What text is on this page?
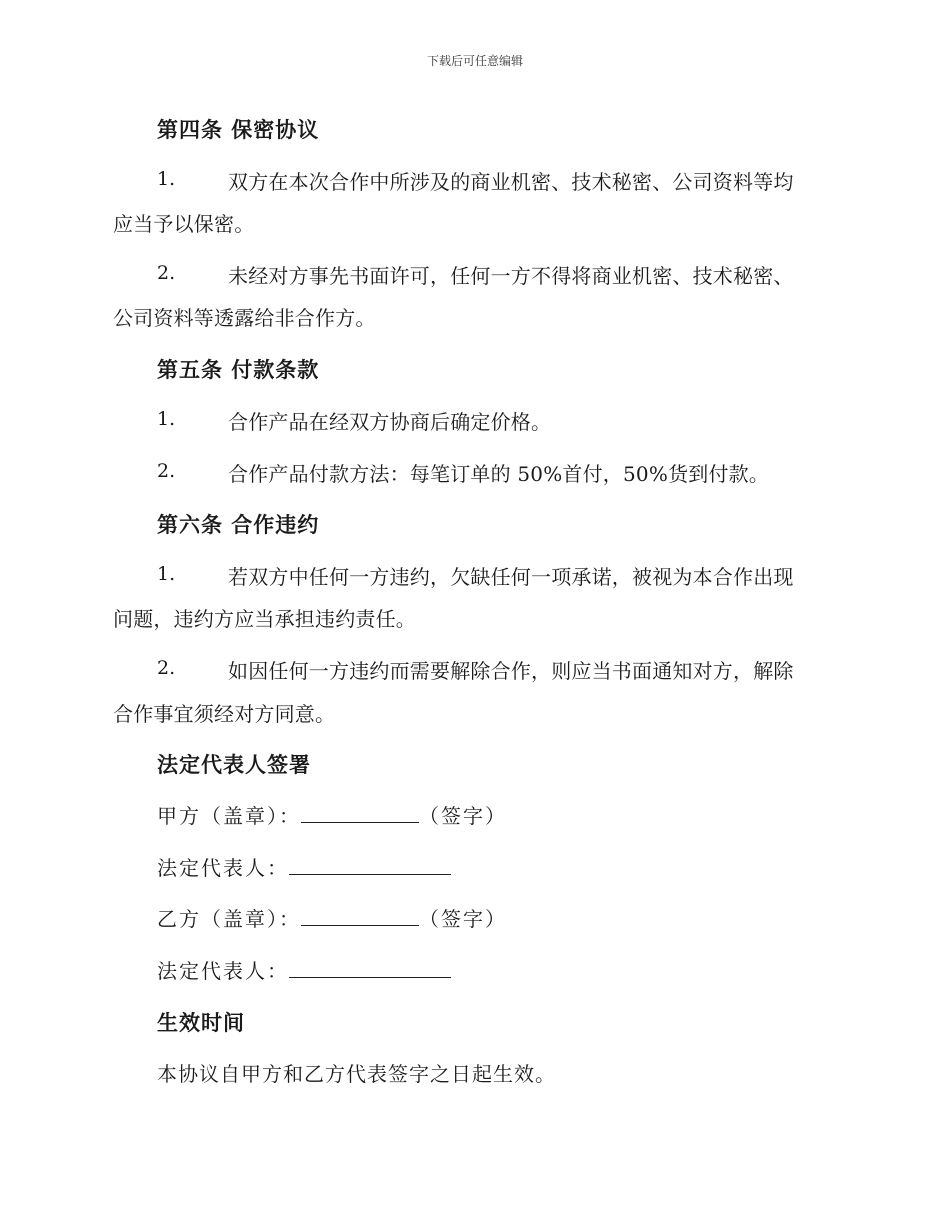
下载后可任意编辑
第四条 保密协议
1.	双方在本次合作中所涉及的商业机密、技术秘密、公司资料等均
应当予以保密。
2.	未经对方事先书面许可，任何一方不得将商业机密、技术秘密、
公司资料等透露给非合作方。
第五条 付款条款
1.	合作产品在经双方协商后确定价格。
2.	合作产品付款方法：每笔订单的 50%首付，50%货到付款。
第六条 合作违约
1.	若双方中任何一方违约，欠缺任何一项承诺，被视为本合作出现
问题，违约方应当承担违约责任。
2.	如因任何一方违约而需要解除合作，则应当书面通知对方，解除
合作事宜须经对方同意。
法定代表人签署
甲方（盖章）：	（签字）
法定代表人：
乙方（盖章）：	（签字）
法定代表人：
生效时间
本协议自甲方和乙方代表签字之日起生效。
